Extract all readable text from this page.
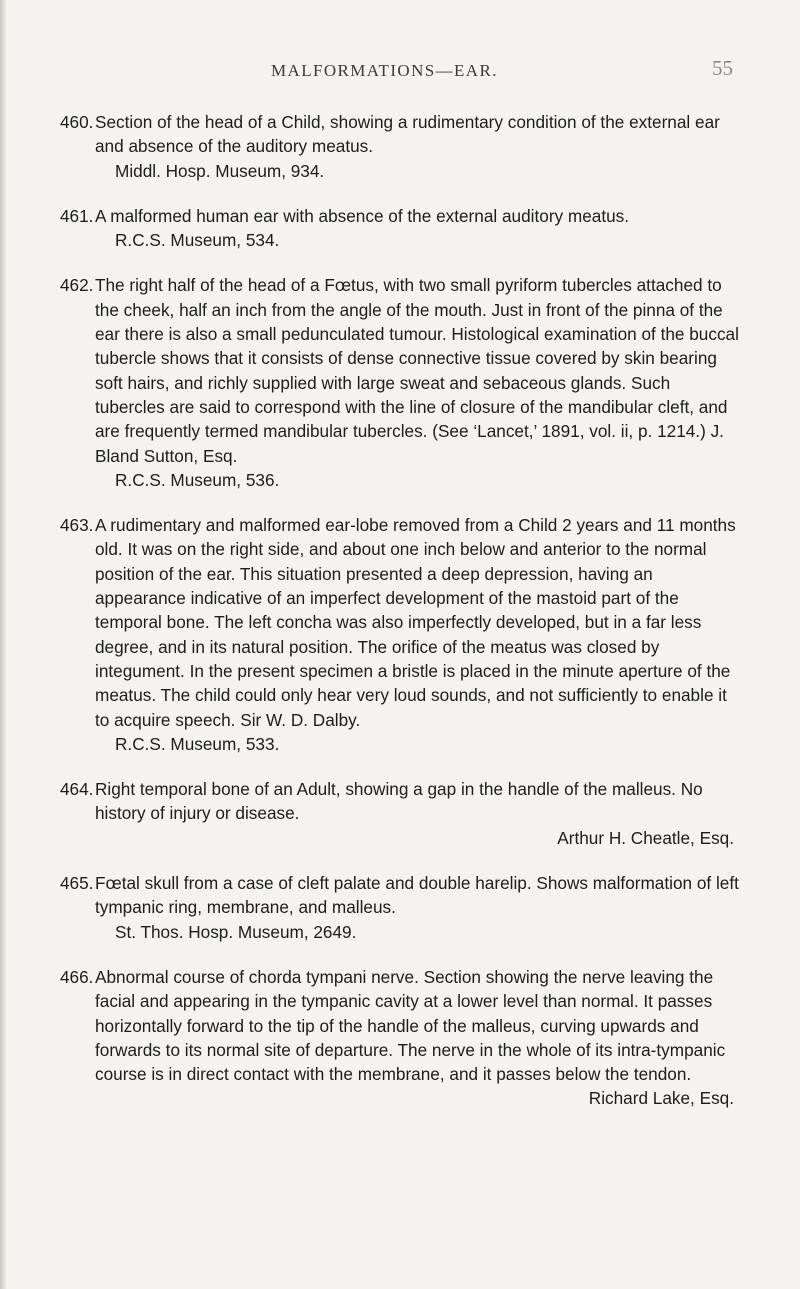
MALFORMATIONS—EAR.	55
460. Section of the head of a Child, showing a rudimentary condition of the external ear and absence of the auditory meatus.
Middl. Hosp. Museum, 934.
461. A malformed human ear with absence of the external auditory meatus.
R.C.S. Museum, 534.
462. The right half of the head of a Fœtus, with two small pyriform tubercles attached to the cheek, half an inch from the angle of the mouth. Just in front of the pinna of the ear there is also a small pedunculated tumour. Histological examination of the buccal tubercle shows that it consists of dense connective tissue covered by skin bearing soft hairs, and richly supplied with large sweat and sebaceous glands. Such tubercles are said to correspond with the line of closure of the mandibular cleft, and are frequently termed mandibular tubercles. (See ‘Lancet,’ 1891, vol. ii, p. 1214.) J. Bland Sutton, Esq.
R.C.S. Museum, 536.
463. A rudimentary and malformed ear-lobe removed from a Child 2 years and 11 months old. It was on the right side, and about one inch below and anterior to the normal position of the ear. This situation presented a deep depression, having an appearance indicative of an imperfect development of the mastoid part of the temporal bone. The left concha was also imperfectly developed, but in a far less degree, and in its natural position. The orifice of the meatus was closed by integument. In the present specimen a bristle is placed in the minute aperture of the meatus. The child could only hear very loud sounds, and not sufficiently to enable it to acquire speech. Sir W. D. Dalby.
R.C.S. Museum, 533.
464. Right temporal bone of an Adult, showing a gap in the handle of the malleus. No history of injury or disease.
Arthur H. Cheatle, Esq.
465. Fœtal skull from a case of cleft palate and double harelip. Shows malformation of left tympanic ring, membrane, and malleus.
St. Thos. Hosp. Museum, 2649.
466. Abnormal course of chorda tympani nerve. Section showing the nerve leaving the facial and appearing in the tympanic cavity at a lower level than normal. It passes horizontally forward to the tip of the handle of the malleus, curving upwards and forwards to its normal site of departure. The nerve in the whole of its intra-tympanic course is in direct contact with the membrane, and it passes below the tendon.
Richard Lake, Esq.
